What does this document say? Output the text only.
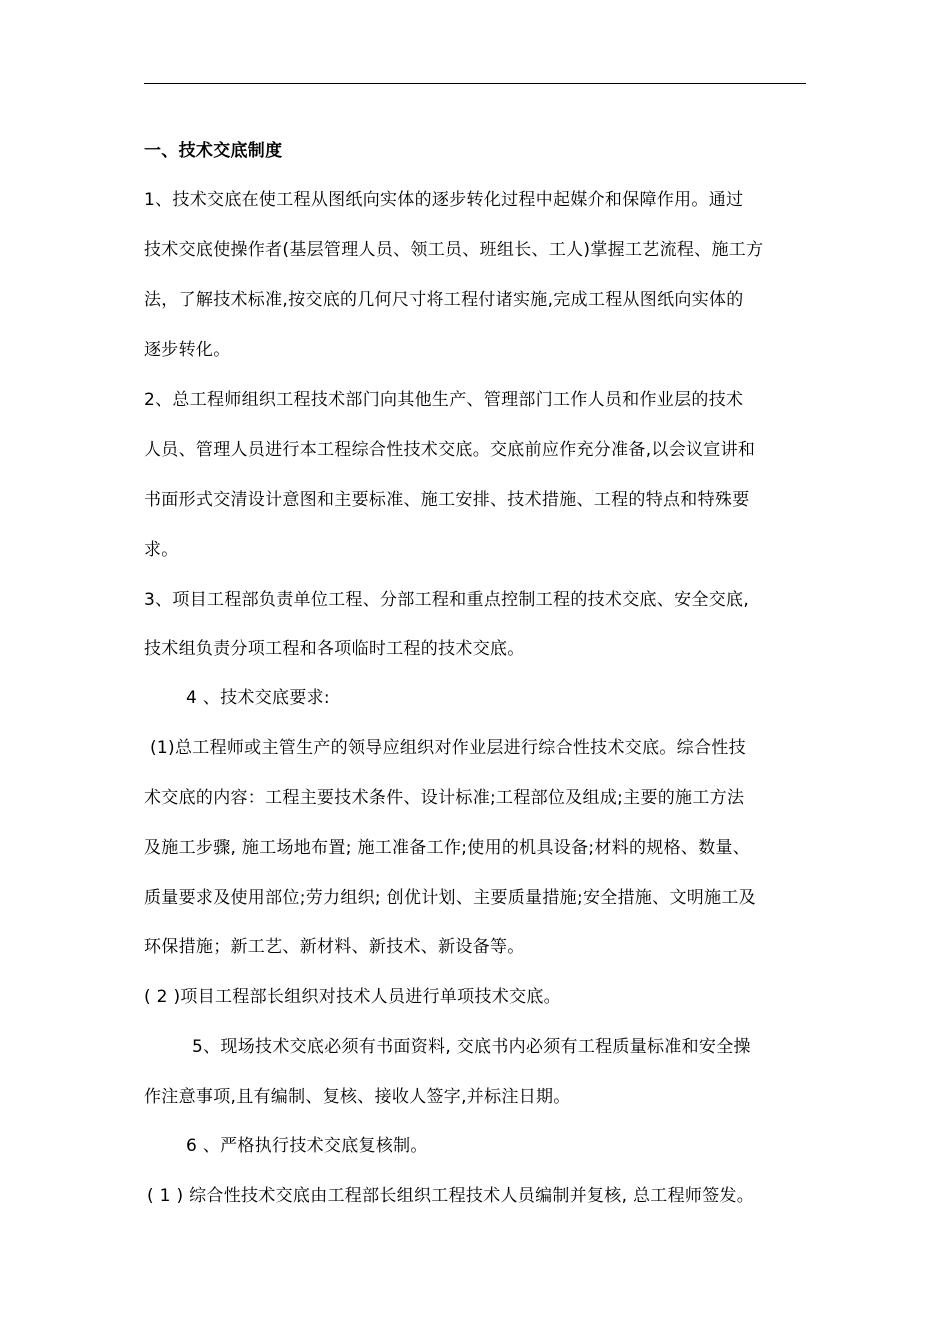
一、技术交底制度
1、技术交底在使工程从图纸向实体的逐步转化过程中起媒介和保障作用。通过
技术交底使操作者(基层管理人员、领工员、班组长、工人)掌握工艺流程、施工方
法，了解技术标准,按交底的几何尺寸将工程付诸实施,完成工程从图纸向实体的
逐步转化。
2、总工程师组织工程技术部门向其他生产、管理部门工作人员和作业层的技术
人员、管理人员进行本工程综合性技术交底。交底前应作充分准备,以会议宣讲和
书面形式交清设计意图和主要标准、施工安排、技术措施、工程的特点和特殊要
求。
3、项目工程部负责单位工程、分部工程和重点控制工程的技术交底、安全交底,
技术组负责分项工程和各项临时工程的技术交底。
4 、技术交底要求:
(1)总工程师或主管生产的领导应组织对作业层进行综合性技术交底。综合性技
术交底的内容：工程主要技术条件、设计标准;工程部位及组成;主要的施工方法
及施工步骤, 施工场地布置; 施工准备工作;使用的机具设备;材料的规格、数量、
质量要求及使用部位;劳力组织; 创优计划、主要质量措施;安全措施、文明施工及
环保措施；新工艺、新材料、新技术、新设备等。
( 2 )项目工程部长组织对技术人员进行单项技术交底。
5、现场技术交底必须有书面资料, 交底书内必须有工程质量标准和安全操
作注意事项,且有编制、复核、接收人签字,并标注日期。
6 、严格执行技术交底复核制。
( 1 ) 综合性技术交底由工程部长组织工程技术人员编制并复核, 总工程师签发。
